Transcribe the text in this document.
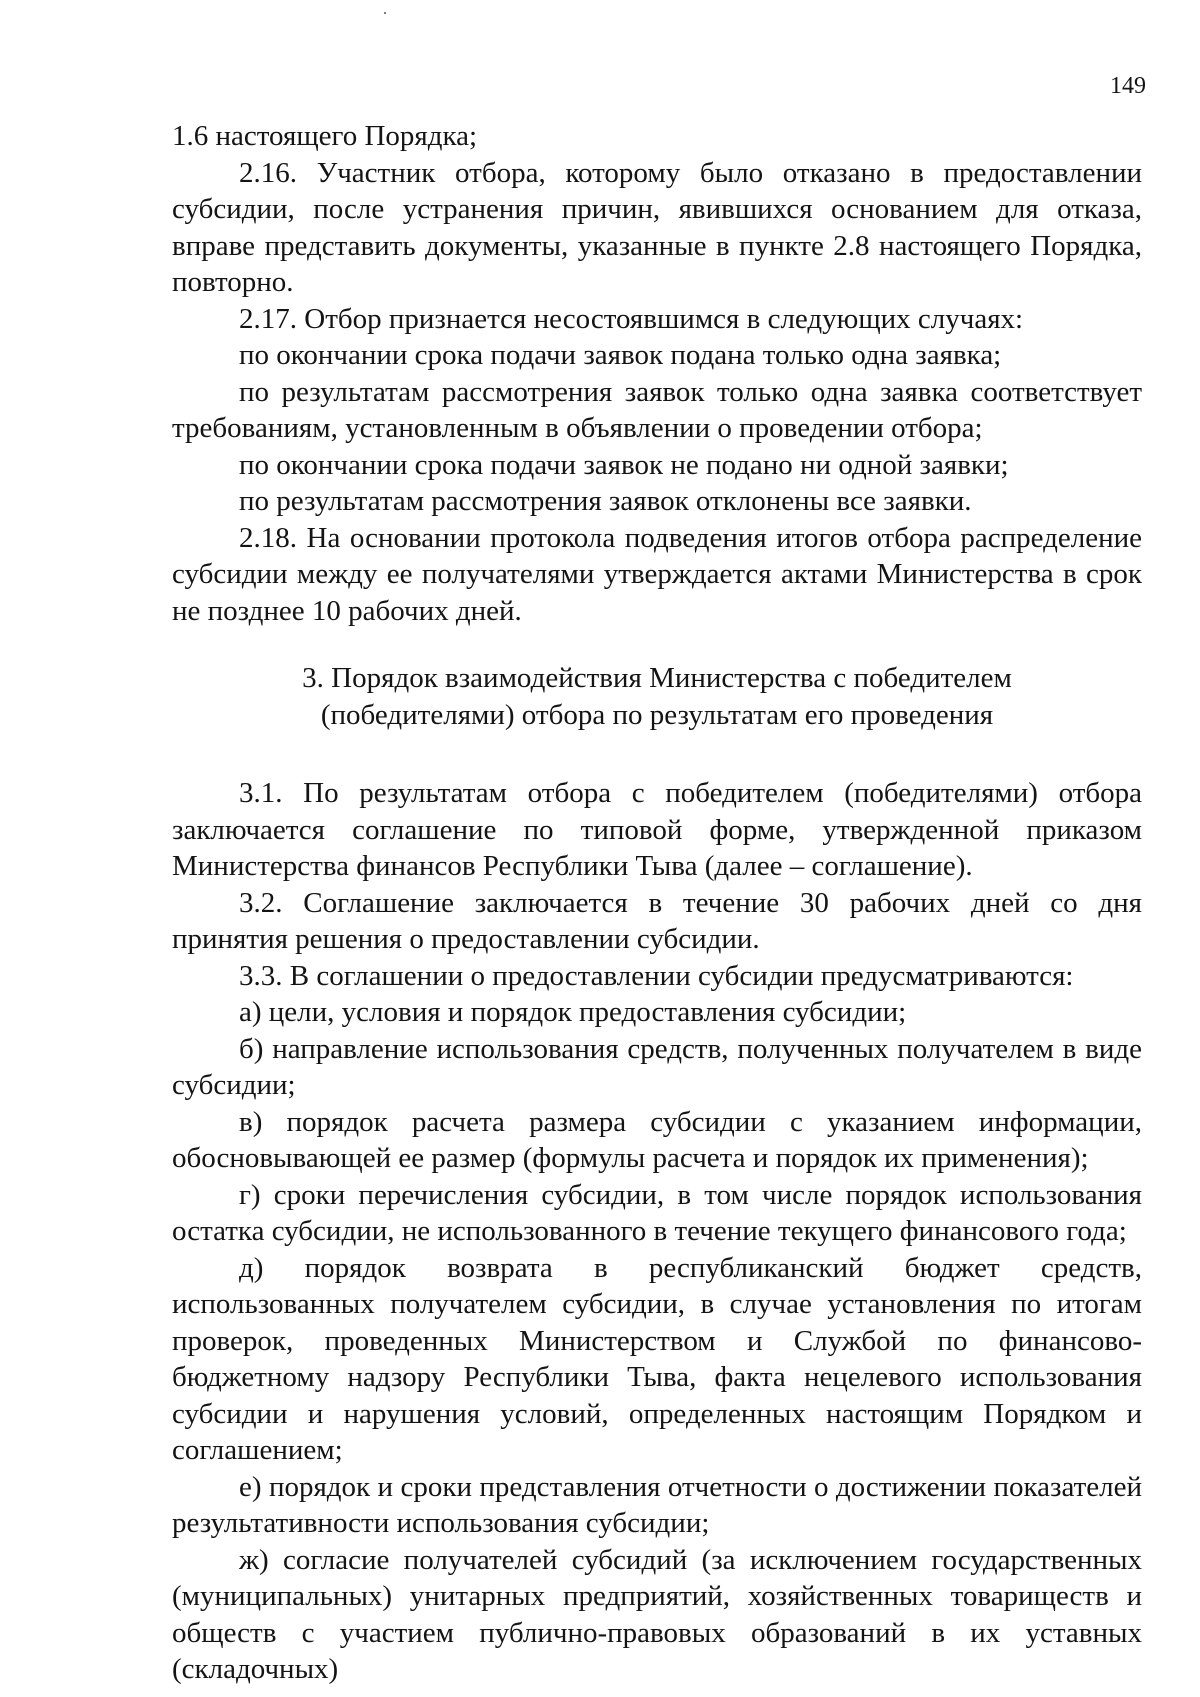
149

1.6 настоящего Порядка;

2.16. Участник отбора, которому было отказано в предоставлении субсидии, после устранения причин, явившихся основанием для отказа, вправе представить документы, указанные в пункте 2.8 настоящего Порядка, повторно.

2.17. Отбор признается несостоявшимся в следующих случаях:

по окончании срока подачи заявок подана только одна заявка;

по результатам рассмотрения заявок только одна заявка соответствует требованиям, установленным в объявлении о проведении отбора;

по окончании срока подачи заявок не подано ни одной заявки;

по результатам рассмотрения заявок отклонены все заявки.

2.18. На основании протокола подведения итогов отбора распределение субсидии между ее получателями утверждается актами Министерства в срок не позднее 10 рабочих дней.

3. Порядок взаимодействия Министерства с победителем
(победителями) отбора по результатам его проведения

3.1. По результатам отбора с победителем (победителями) отбора заключается соглашение по типовой форме, утвержденной приказом Министерства финансов Республики Тыва (далее – соглашение).

3.2. Соглашение заключается в течение 30 рабочих дней со дня принятия решения о предоставлении субсидии.

3.3. В соглашении о предоставлении субсидии предусматриваются:

а) цели, условия и порядок предоставления субсидии;

б) направление использования средств, полученных получателем в виде субсидии;

в) порядок расчета размера субсидии с указанием информации, обосновывающей ее размер (формулы расчета и порядок их применения);

г) сроки перечисления субсидии, в том числе порядок использования остатка субсидии, не использованного в течение текущего финансового года;

д) порядок возврата в республиканский бюджет средств, использованных получателем субсидии, в случае установления по итогам проверок, проведенных Министерством и Службой по финансово-бюджетному надзору Республики Тыва, факта нецелевого использования субсидии и нарушения условий, определенных настоящим Порядком и соглашением;

е) порядок и сроки представления отчетности о достижении показателей результативности использования субсидии;

ж) согласие получателей субсидий (за исключением государственных (муниципальных) унитарных предприятий, хозяйственных товариществ и обществ с участием публично-правовых образований в их уставных (складочных)
